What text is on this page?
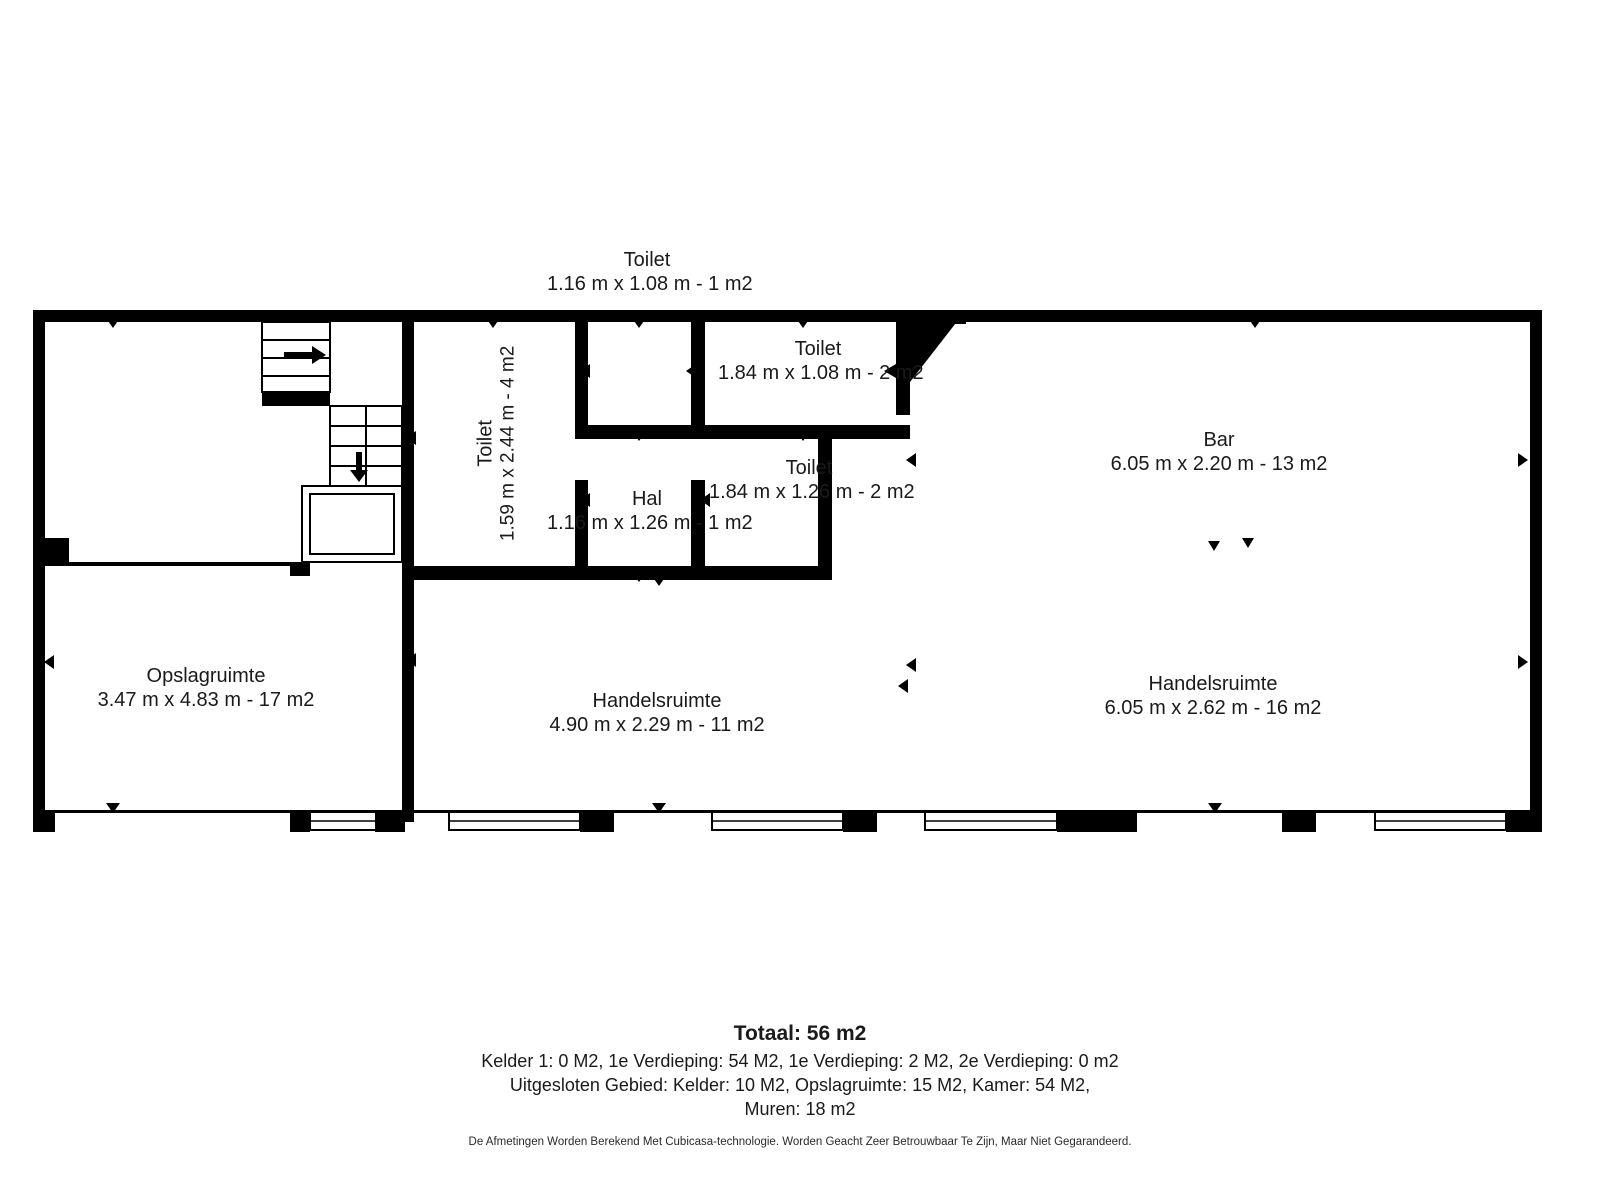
Toilet
1.16 m x 1.08 m - 1 m2
Toilet
1.84 m x 1.08 m - 2 m2
Toilet 1.59 m x 2.44 m - 4 m2	Toilet
1.84 m x 1.26 m - 2 m2
Hal
1.16 m x 1.26 m - 1 m2
Bar
6.05 m x 2.20 m - 13 m2
Opslagruimte
3.47 m x 4.83 m - 17 m2	Handelsruimte
4.90 m x 2.29 m - 11 m2
Handelsruimte
6.05 m x 2.62 m - 16 m2
Totaal: 56 m2
Kelder 1: 0 M2, 1e Verdieping: 54 M2, 1e Verdieping: 2 M2, 2e Verdieping: 0 m2
Uitgesloten Gebied: Kelder: 10 M2, Opslagruimte: 15 M2, Kamer: 54 M2,
Muren: 18 m2
De Afmetingen Worden Berekend Met Cubicasa-technologie. Worden Geacht Zeer Betrouwbaar Te Zijn, Maar Niet Gegarandeerd.
